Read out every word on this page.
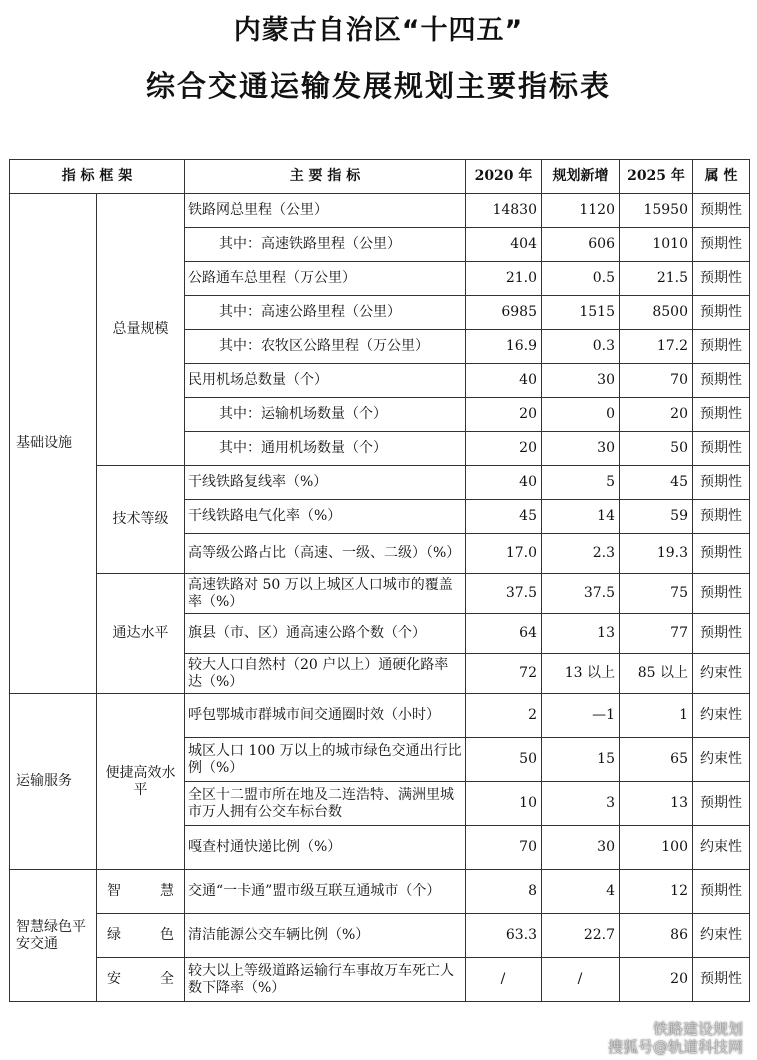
内蒙古自治区“十四五”
综合交通运输发展规划主要指标表
指 标 框 架		主 要 指 标	2020 年	规划新增	2025 年	属 性
基础设施	总量规模	铁路网总里程（公里）	14830	1120	15950	预期性
		其中：高速铁路里程（公里）	404	606	1010	预期性
		公路通车总里程（万公里）	21.0	0.5	21.5	预期性
		其中：高速公路里程（公里）	6985	1515	8500	预期性
		其中：农牧区公路里程（万公里）	16.9	0.3	17.2	预期性
		民用机场总数量（个）	40	30	70	预期性
		其中：运输机场数量（个）	20	0	20	预期性
		其中：通用机场数量（个）	20	30	50	预期性
	技术等级	干线铁路复线率（%）	40	5	45	预期性
		干线铁路电气化率（%）	45	14	59	预期性
		高等级公路占比（高速、一级、二级）（%）	17.0	2.3	19.3	预期性
	通达水平	高速铁路对 50 万以上城区人口城市的覆盖率（%）	37.5	37.5	75	预期性
		旗县（市、区）通高速公路个数（个）	64	13	77	预期性
		较大人口自然村（20 户以上）通硬化路率达（%）	72	13 以上	85 以上	约束性
运输服务	便捷高效水平	呼包鄂城市群城市间交通圈时效（小时）	2	—1	1	约束性
		城区人口 100 万以上的城市绿色交通出行比例（%）	50	15	65	约束性
		全区十二盟市所在地及二连浩特、满洲里城市万人拥有公交车标台数	10	3	13	预期性
		嘎查村通快递比例（%）	70	30	100	约束性
智慧绿色平安交通	智慧	交通“一卡通”盟市级互联互通城市（个）	8	4	12	预期性
	绿色	清洁能源公交车辆比例（%）	63.3	22.7	86	约束性
	安全	较大以上等级道路运输行车事故万车死亡人数下降率（%）	/	/	20	预期性
铁路建设规划
搜狐号@轨道科技网
